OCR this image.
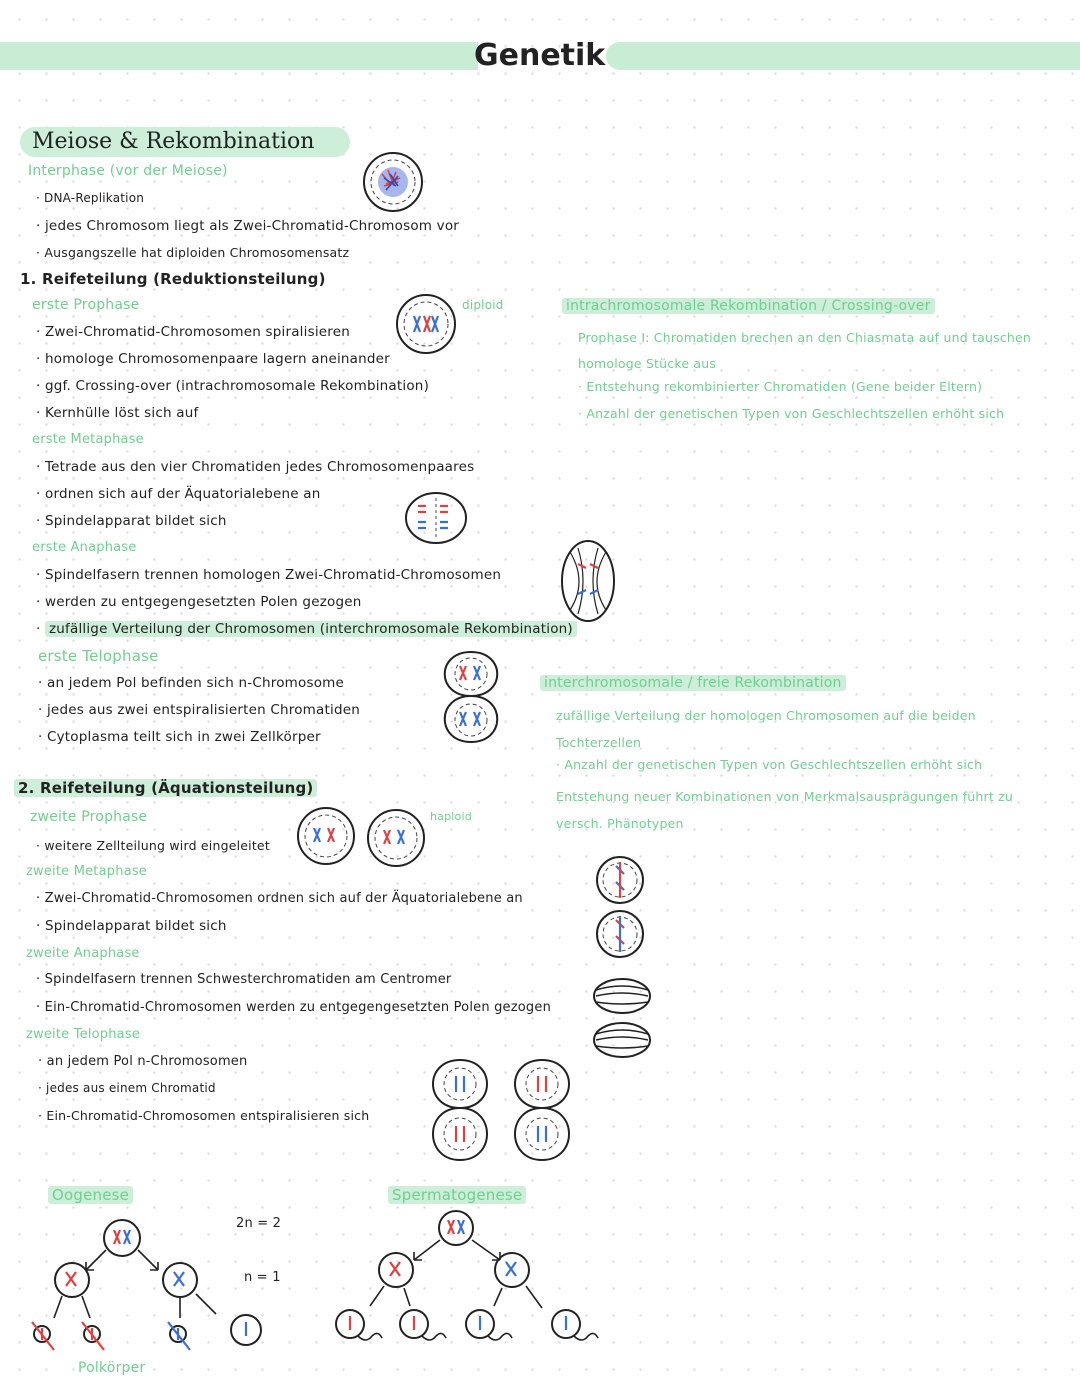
Genetik
Meiose & Rekombination
Interphase (vor der Meiose)
· DNA-Replikation
· jedes Chromosom liegt als Zwei-Chromatid-Chromosom vor
· Ausgangszelle hat diploiden Chromosomensatz
1. Reifeteilung (Reduktionsteilung)
erste Prophase
· Zwei-Chromatid-Chromosomen spiralisieren
· homologe Chromosomenpaare lagern aneinander
· ggf. Crossing-over (intrachromosomale Rekombination)
· Kernhülle löst sich auf
diploid
erste Metaphase
· Tetrade aus den vier Chromatiden jedes Chromosomenpaares
· ordnen sich auf der Äquatorialebene an
· Spindelapparat bildet sich
erste Anaphase
· Spindelfasern trennen homologen Zwei-Chromatid-Chromosomen
· werden zu entgegengesetzten Polen gezogen
· zufällige Verteilung der Chromosomen (interchromosomale Rekombination)
erste Telophase
· an jedem Pol befinden sich n-Chromosome
· jedes aus zwei entspiralisierten Chromatiden
· Cytoplasma teilt sich in zwei Zellkörper
intrachromosomale Rekombination / Crossing-over
Prophase I: Chromatiden brechen an den Chiasmata auf und tauschen homologe Stücke aus
· Entstehung rekombinierter Chromatiden (Gene beider Eltern)
· Anzahl der genetischen Typen von Geschlechtszellen erhöht sich
interchromosomale / freie Rekombination
zufällige Verteilung der homologen Chromosomen auf die beiden Tochterzellen
· Anzahl der genetischen Typen von Geschlechtszellen erhöht sich
Entstehung neuer Kombinationen von Merkmalsausprägungen führt zu versch. Phänotypen
2. Reifeteilung (Äquationsteilung)
zweite Prophase
· weitere Zellteilung wird eingeleitet
haploid
zweite Metaphase
· Zwei-Chromatid-Chromosomen ordnen sich auf der Äquatorialebene an
· Spindelapparat bildet sich
zweite Anaphase
· Spindelfasern trennen Schwesterchromatiden am Centromer
· Ein-Chromatid-Chromosomen werden zu entgegengesetzten Polen gezogen
zweite Telophase
· an jedem Pol n-Chromosomen
· jedes aus einem Chromatid
· Ein-Chromatid-Chromosomen entspiralisieren sich
Oogenese
2n = 2
n = 1
Polkörper
Spermatogenese
